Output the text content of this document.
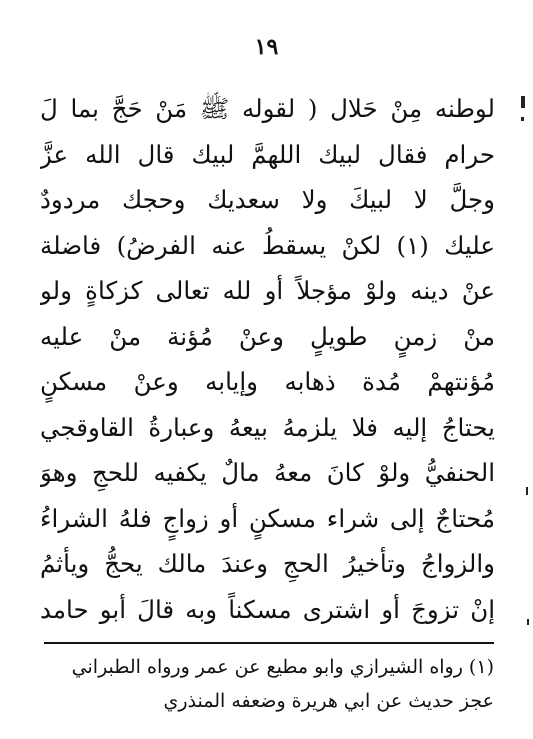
١٩
لوطنه مِنْ حَلال ( لقوله ﷺ مَنْ حَجَّ بما لَ
حرام فقال لبيك اللهمَّ لبيك قال الله عزَّ
وجلَّ لا لبيكَ ولا سعديك وحجك مردودٌ
عليك (١) لكنْ يسقطُ عنه الفرضُ) فاضلة
عنْ دينه ولوْ مؤجلاً أو لله تعالى كزكاةٍ ولو
منْ زمنٍ طويلٍ وعنْ مُؤنة منْ عليه
مُؤنتهمْ مُدة ذهابه وإيابه وعنْ مسكنٍ
يحتاجُ إليه فلا يلزمهُ بيعهُ وعبارةُ القاوقجي
الحنفيُّ ولوْ كانَ معهُ مالٌ يكفيه للحجِ وهوَ
مُحتاجٌ إلى شراء مسكنٍ أو زواجٍ فلهُ الشراءُ
والزواجُ وتأخيرُ الحجِ وعندَ مالك يحجُّ ويأثمُ
إنْ تزوجَ أو اشترى مسكناً وبه قالَ أبو حامد
(١) رواه الشيرازي وابو مطيع عن عمر ورواه الطبراني
عجز حديث عن ابي هريرة وضعفه المنذري
